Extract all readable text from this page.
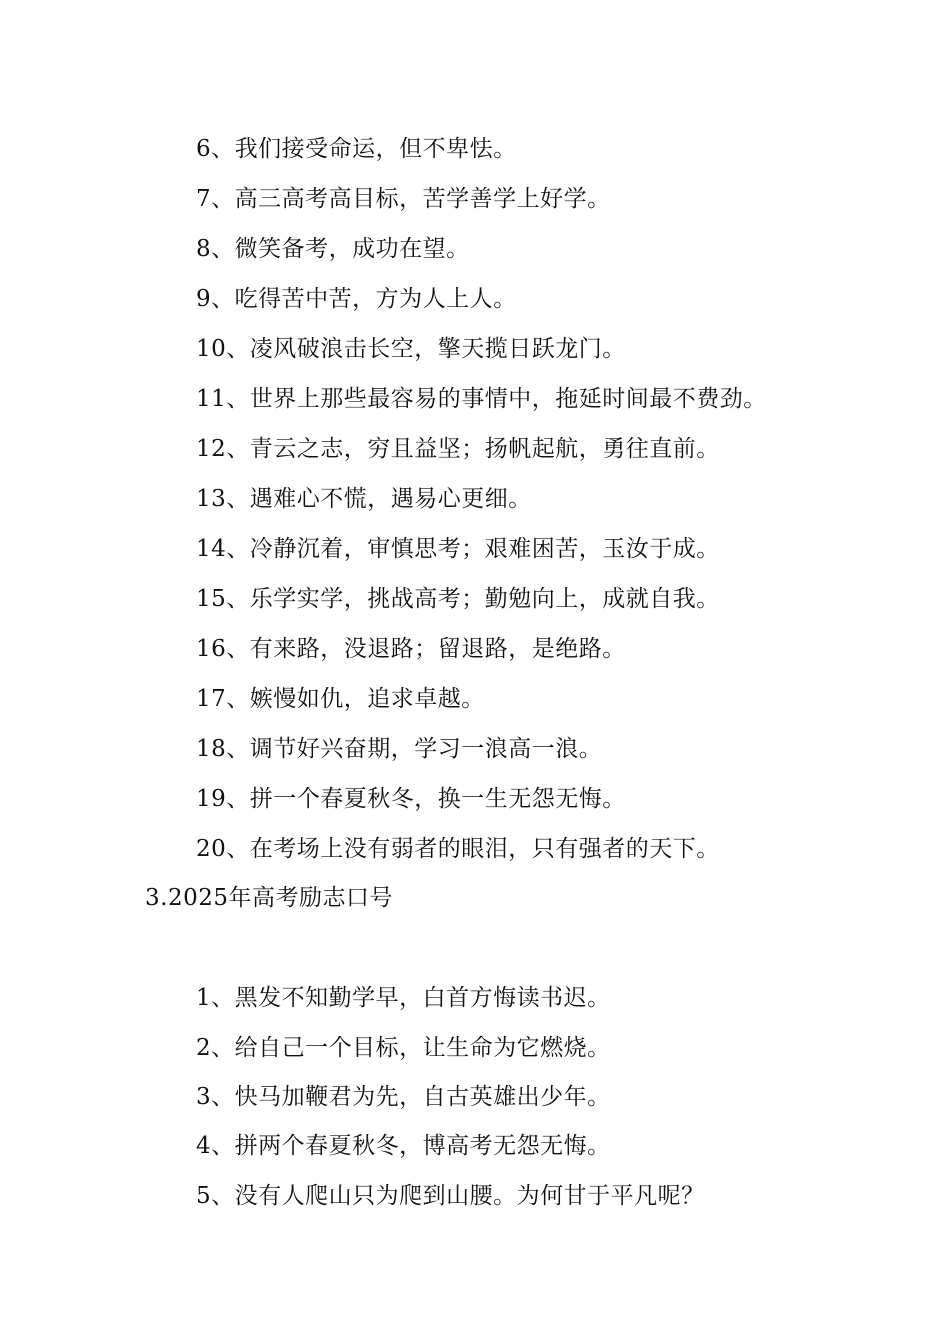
6、我们接受命运，但不卑怯。
7、高三高考高目标，苦学善学上好学。
8、微笑备考，成功在望。
9、吃得苦中苦，方为人上人。
10、凌风破浪击长空，擎天揽日跃龙门。
11、世界上那些最容易的事情中，拖延时间最不费劲。
12、青云之志，穷且益坚；扬帆起航，勇往直前。
13、遇难心不慌，遇易心更细。
14、冷静沉着，审慎思考；艰难困苦，玉汝于成。
15、乐学实学，挑战高考；勤勉向上，成就自我。
16、有来路，没退路；留退路，是绝路。
17、嫉慢如仇，追求卓越。
18、调节好兴奋期，学习一浪高一浪。
19、拼一个春夏秋冬，换一生无怨无悔。
20、在考场上没有弱者的眼泪，只有强者的天下。
3.2025年高考励志口号
1、黑发不知勤学早，白首方悔读书迟。
2、给自己一个目标，让生命为它燃烧。
3、快马加鞭君为先，自古英雄出少年。
4、拼两个春夏秋冬，博高考无怨无悔。
5、没有人爬山只为爬到山腰。为何甘于平凡呢？
